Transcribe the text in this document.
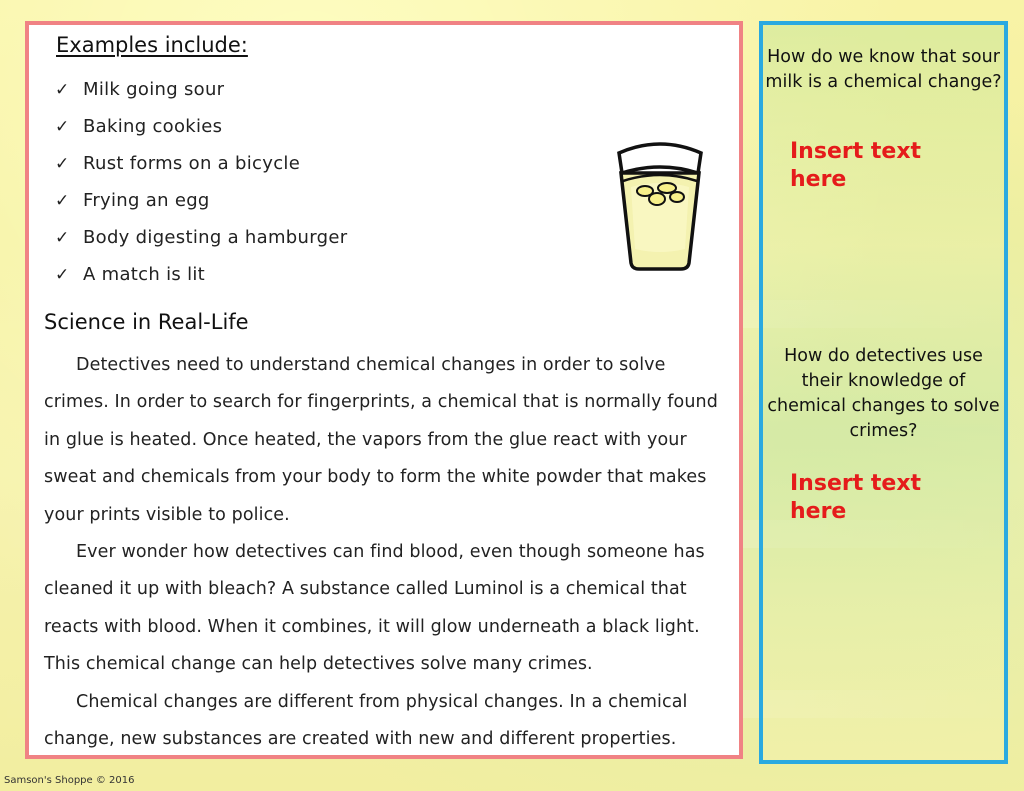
Examples include:
✓ Milk going sour
✓ Baking cookies
✓ Rust forms on a bicycle
✓ Frying an egg
✓ Body digesting a hamburger
✓ A match is lit
Science in Real-Life

Detectives need to understand chemical changes in order to solve crimes. In order to search for fingerprints, a chemical that is normally found in glue is heated. Once heated, the vapors from the glue react with your sweat and chemicals from your body to form the white powder that makes your prints visible to police.

Ever wonder how detectives can find blood, even though someone has cleaned it up with bleach? A substance called Luminol is a chemical that reacts with blood. When it combines, it will glow underneath a black light. This chemical change can help detectives solve many crimes.

Chemical changes are different from physical changes. In a chemical change, new substances are created with new and different properties.

How do we know that sour milk is a chemical change?
Insert text here
How do detectives use their knowledge of chemical changes to solve crimes?
Insert text here
Samson's Shoppe © 2016
